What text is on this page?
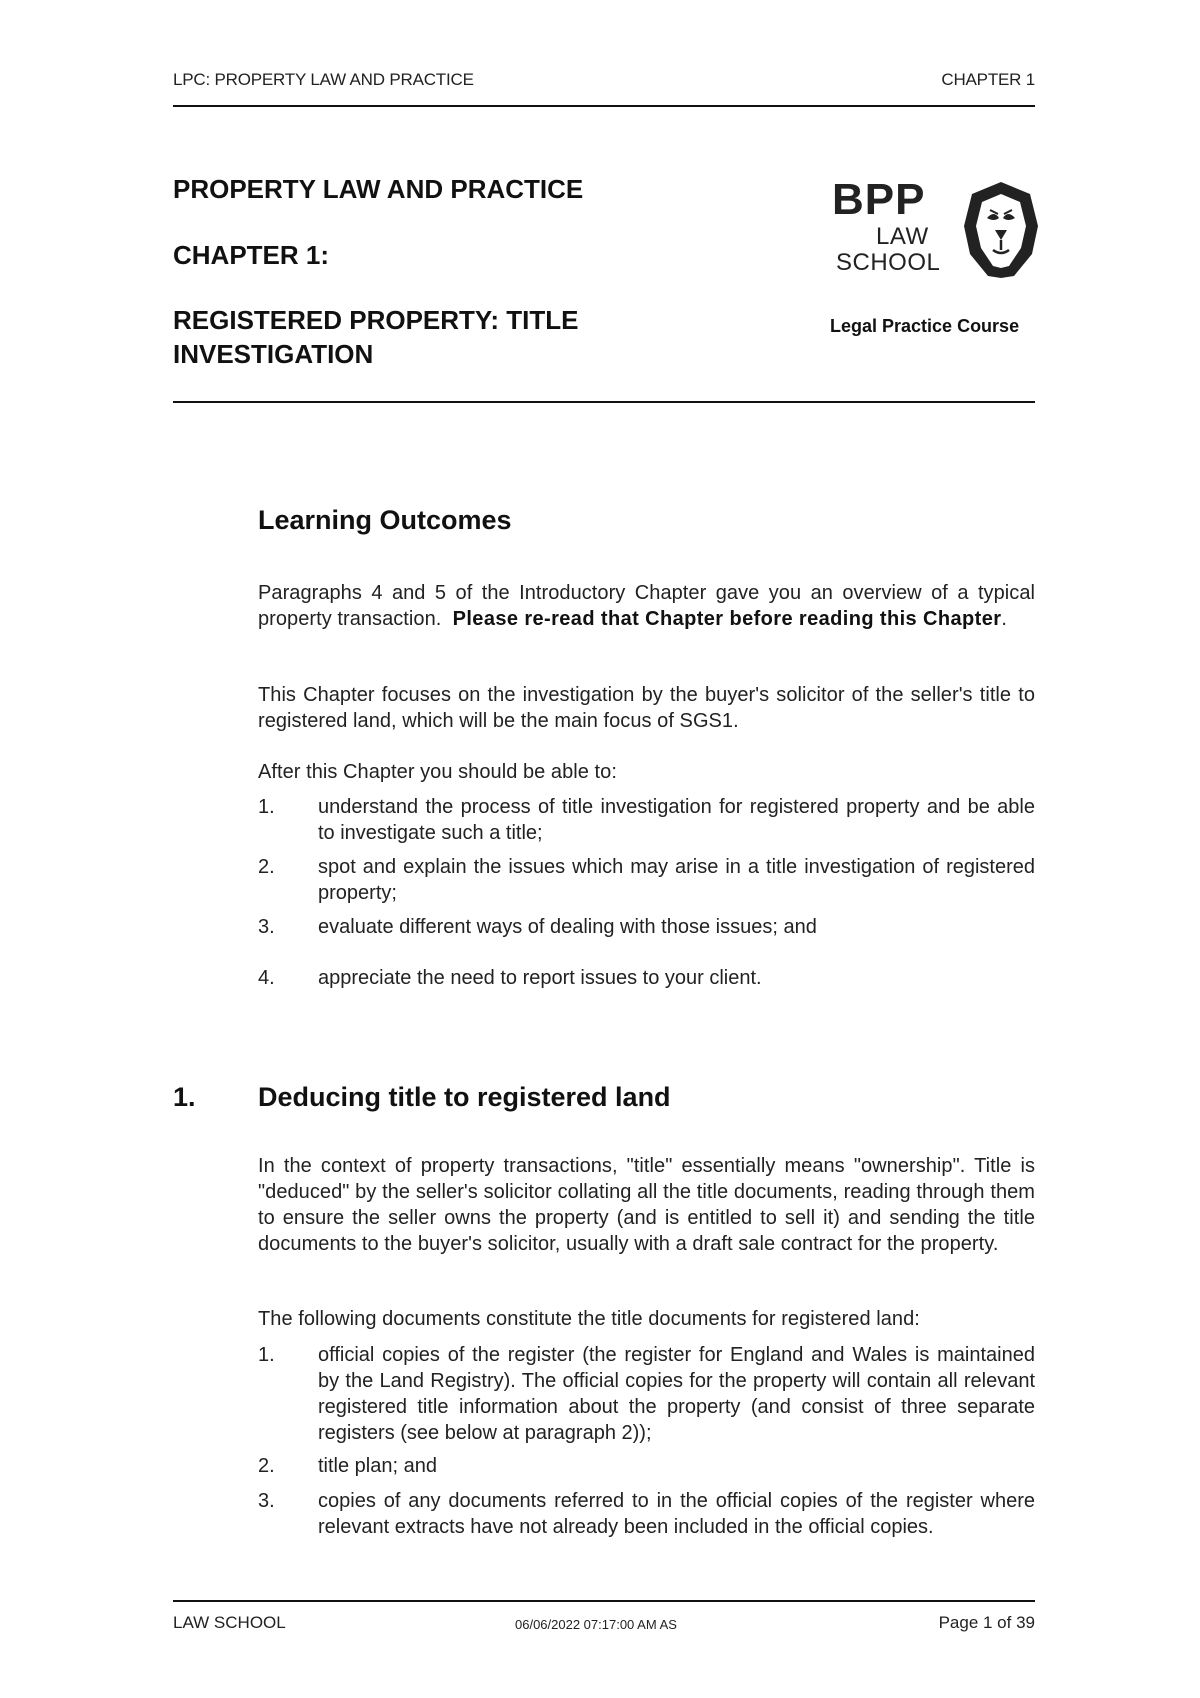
LPC: PROPERTY LAW AND PRACTICE	CHAPTER 1
PROPERTY LAW AND PRACTICE
CHAPTER 1:
REGISTERED PROPERTY: TITLE
INVESTIGATION
BPP
LAW
SCHOOL
Legal Practice Course
Learning Outcomes
Paragraphs 4 and 5 of the Introductory Chapter gave you an overview of a typical property transaction. Please re-read that Chapter before reading this Chapter.
This Chapter focuses on the investigation by the buyer's solicitor of the seller's title to registered land, which will be the main focus of SGS1.
After this Chapter you should be able to:
1. understand the process of title investigation for registered property and be able to investigate such a title;
2. spot and explain the issues which may arise in a title investigation of registered property;
3. evaluate different ways of dealing with those issues; and
4. appreciate the need to report issues to your client.
1. Deducing title to registered land
In the context of property transactions, "title" essentially means "ownership". Title is "deduced" by the seller's solicitor collating all the title documents, reading through them to ensure the seller owns the property (and is entitled to sell it) and sending the title documents to the buyer's solicitor, usually with a draft sale contract for the property.
The following documents constitute the title documents for registered land:
1. official copies of the register (the register for England and Wales is maintained by the Land Registry). The official copies for the property will contain all relevant registered title information about the property (and consist of three separate registers (see below at paragraph 2));
2. title plan; and
3. copies of any documents referred to in the official copies of the register where relevant extracts have not already been included in the official copies.
LAW SCHOOL	06/06/2022 07:17:00 AM AS	Page 1 of 39
